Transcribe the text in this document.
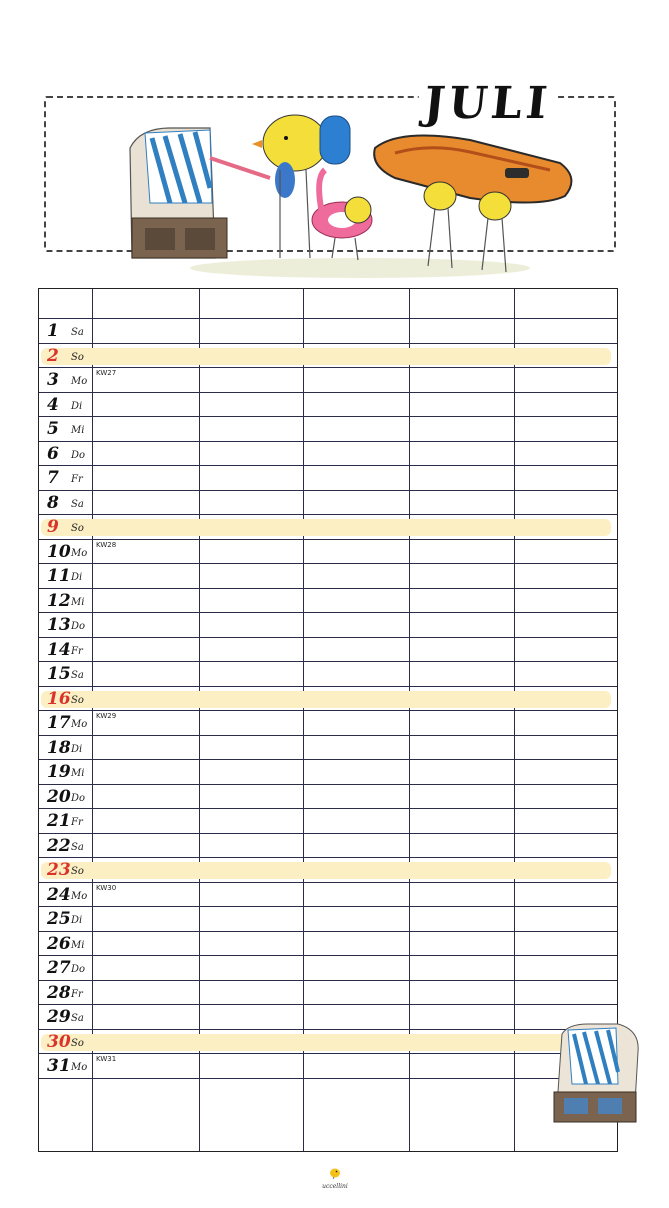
JULI
1 Sa
2 So
3 Mo
KW27
4 Di
5 Mi
6 Do
7 Fr
8 Sa
9 So
10 Mo
KW28
11 Di
12 Mi
13 Do
14 Fr
15 Sa
16 So
17 Mo
KW29
18 Di
19 Mi
20 Do
21 Fr
22 Sa
23 So
24 Mo
KW30
25 Di
26 Mi
27 Do
28 Fr
29 Sa
30 So
31 Mo
KW31
uccellini
